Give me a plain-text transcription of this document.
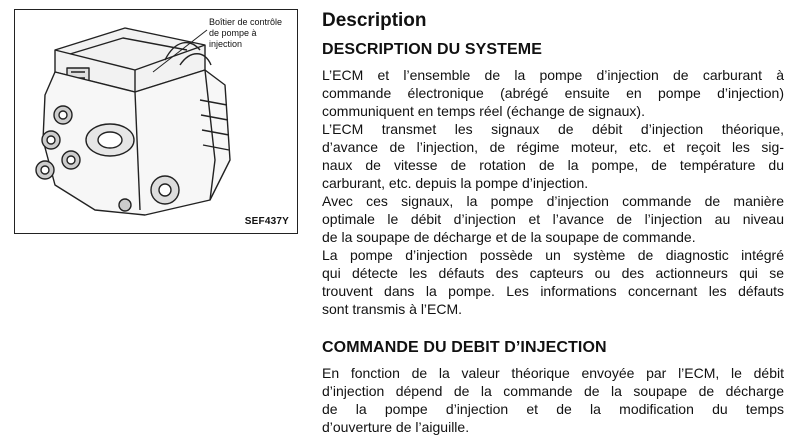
Boîtier de contrôle
de pompe à
injection
SEF437Y
Description
DESCRIPTION DU SYSTEME
L’ECM et l’ensemble de la pompe d’injection de carburant à
commande électronique (abrégé ensuite en pompe d’injection)
communiquent en temps réel (échange de signaux).
L’ECM transmet les signaux de débit d’injection théorique,
d’avance de l’injection, de régime moteur, etc. et reçoit les sig-
naux de vitesse de rotation de la pompe, de température du
carburant, etc. depuis la pompe d’injection.
Avec ces signaux, la pompe d’injection commande de manière
optimale le débit d’injection et l’avance de l’injection au niveau
de la soupape de décharge et de la soupape de commande.
La pompe d’injection possède un système de diagnostic intégré
qui détecte les défauts des capteurs ou des actionneurs qui se
trouvent dans la pompe. Les informations concernant les défauts
sont transmis à l’ECM.
COMMANDE DU DEBIT D’INJECTION
En fonction de la valeur théorique envoyée par l’ECM, le débit
d’injection dépend de la commande de la soupape de décharge
de la pompe d’injection et de la modification du temps
d’ouverture de l’aiguille.
